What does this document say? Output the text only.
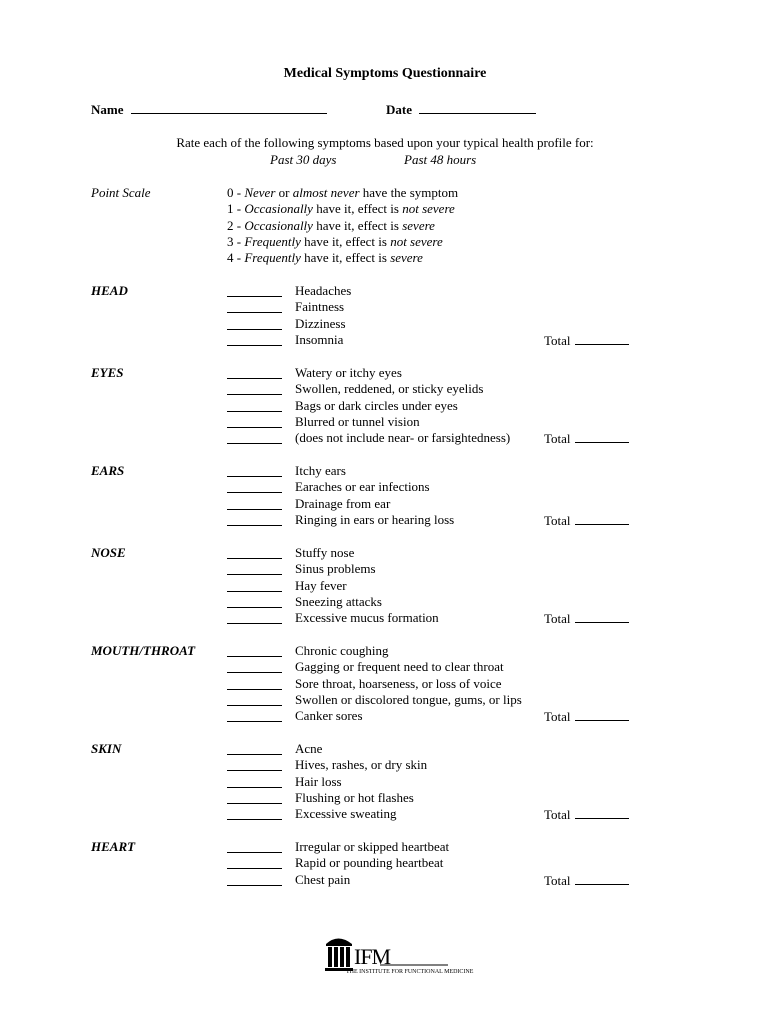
Medical Symptoms Questionnaire
Name	Date
Rate each of the following symptoms based upon your typical health profile for:
Past 30 days	Past 48 hours
Point Scale	0 - Never or almost never have the symptom
1 - Occasionally have it, effect is not severe
2 - Occasionally have it, effect is severe
3 - Frequently have it, effect is not severe
4 - Frequently have it, effect is severe
HEAD	Headaches
Faintness
Dizziness
Insomnia	Total
EYES	Watery or itchy eyes
Swollen, reddened, or sticky eyelids
Bags or dark circles under eyes
Blurred or tunnel vision
(does not include near- or farsightedness)	Total
EARS	Itchy ears
Earaches or ear infections
Drainage from ear
Ringing in ears or hearing loss	Total
NOSE	Stuffy nose
Sinus problems
Hay fever
Sneezing attacks
Excessive mucus formation	Total
MOUTH/THROAT	Chronic coughing
Gagging or frequent need to clear throat
Sore throat, hoarseness, or loss of voice
Swollen or discolored tongue, gums, or lips
Canker sores	Total
SKIN	Acne
Hives, rashes, or dry skin
Hair loss
Flushing or hot flashes
Excessive sweating	Total
HEART	Irregular or skipped heartbeat
Rapid or pounding heartbeat
Chest pain	Total
IFM
THE INSTITUTE FOR FUNCTIONAL MEDICINE
